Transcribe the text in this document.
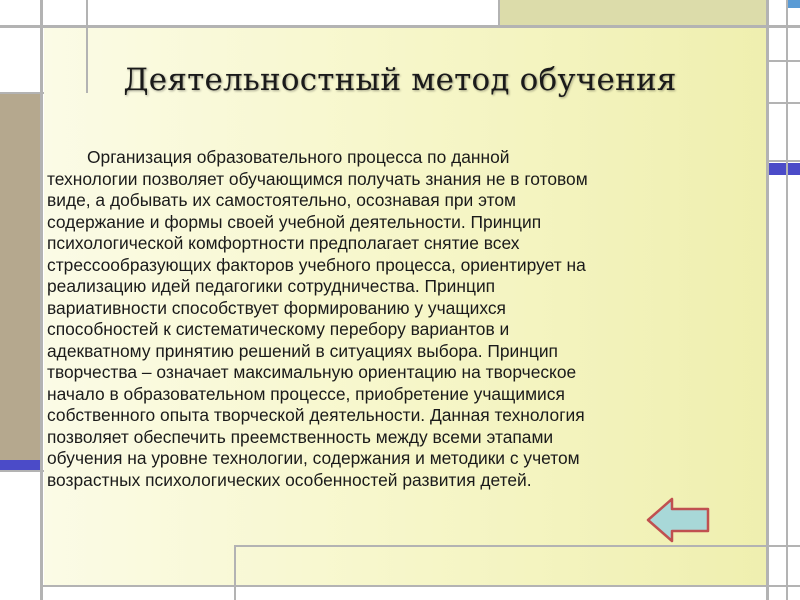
Деятельностный метод обучения

Организация образовательного процесса по данной
технологии позволяет обучающимся получать знания не в готовом
виде, а добывать их самостоятельно, осознавая при этом
содержание и формы своей учебной деятельности. Принцип
психологической комфортности предполагает снятие всех
стрессообразующих факторов учебного процесса, ориентирует на
реализацию идей педагогики сотрудничества. Принцип
вариативности способствует формированию у учащихся
способностей к систематическому перебору вариантов и
адекватному принятию решений в ситуациях выбора. Принцип
творчества – означает максимальную ориентацию на творческое
начало в образовательном процессе, приобретение учащимися
собственного опыта творческой деятельности. Данная технология
позволяет обеспечить преемственность между всеми этапами
обучения на уровне технологии, содержания и методики с учетом
возрастных психологических особенностей развития детей.
